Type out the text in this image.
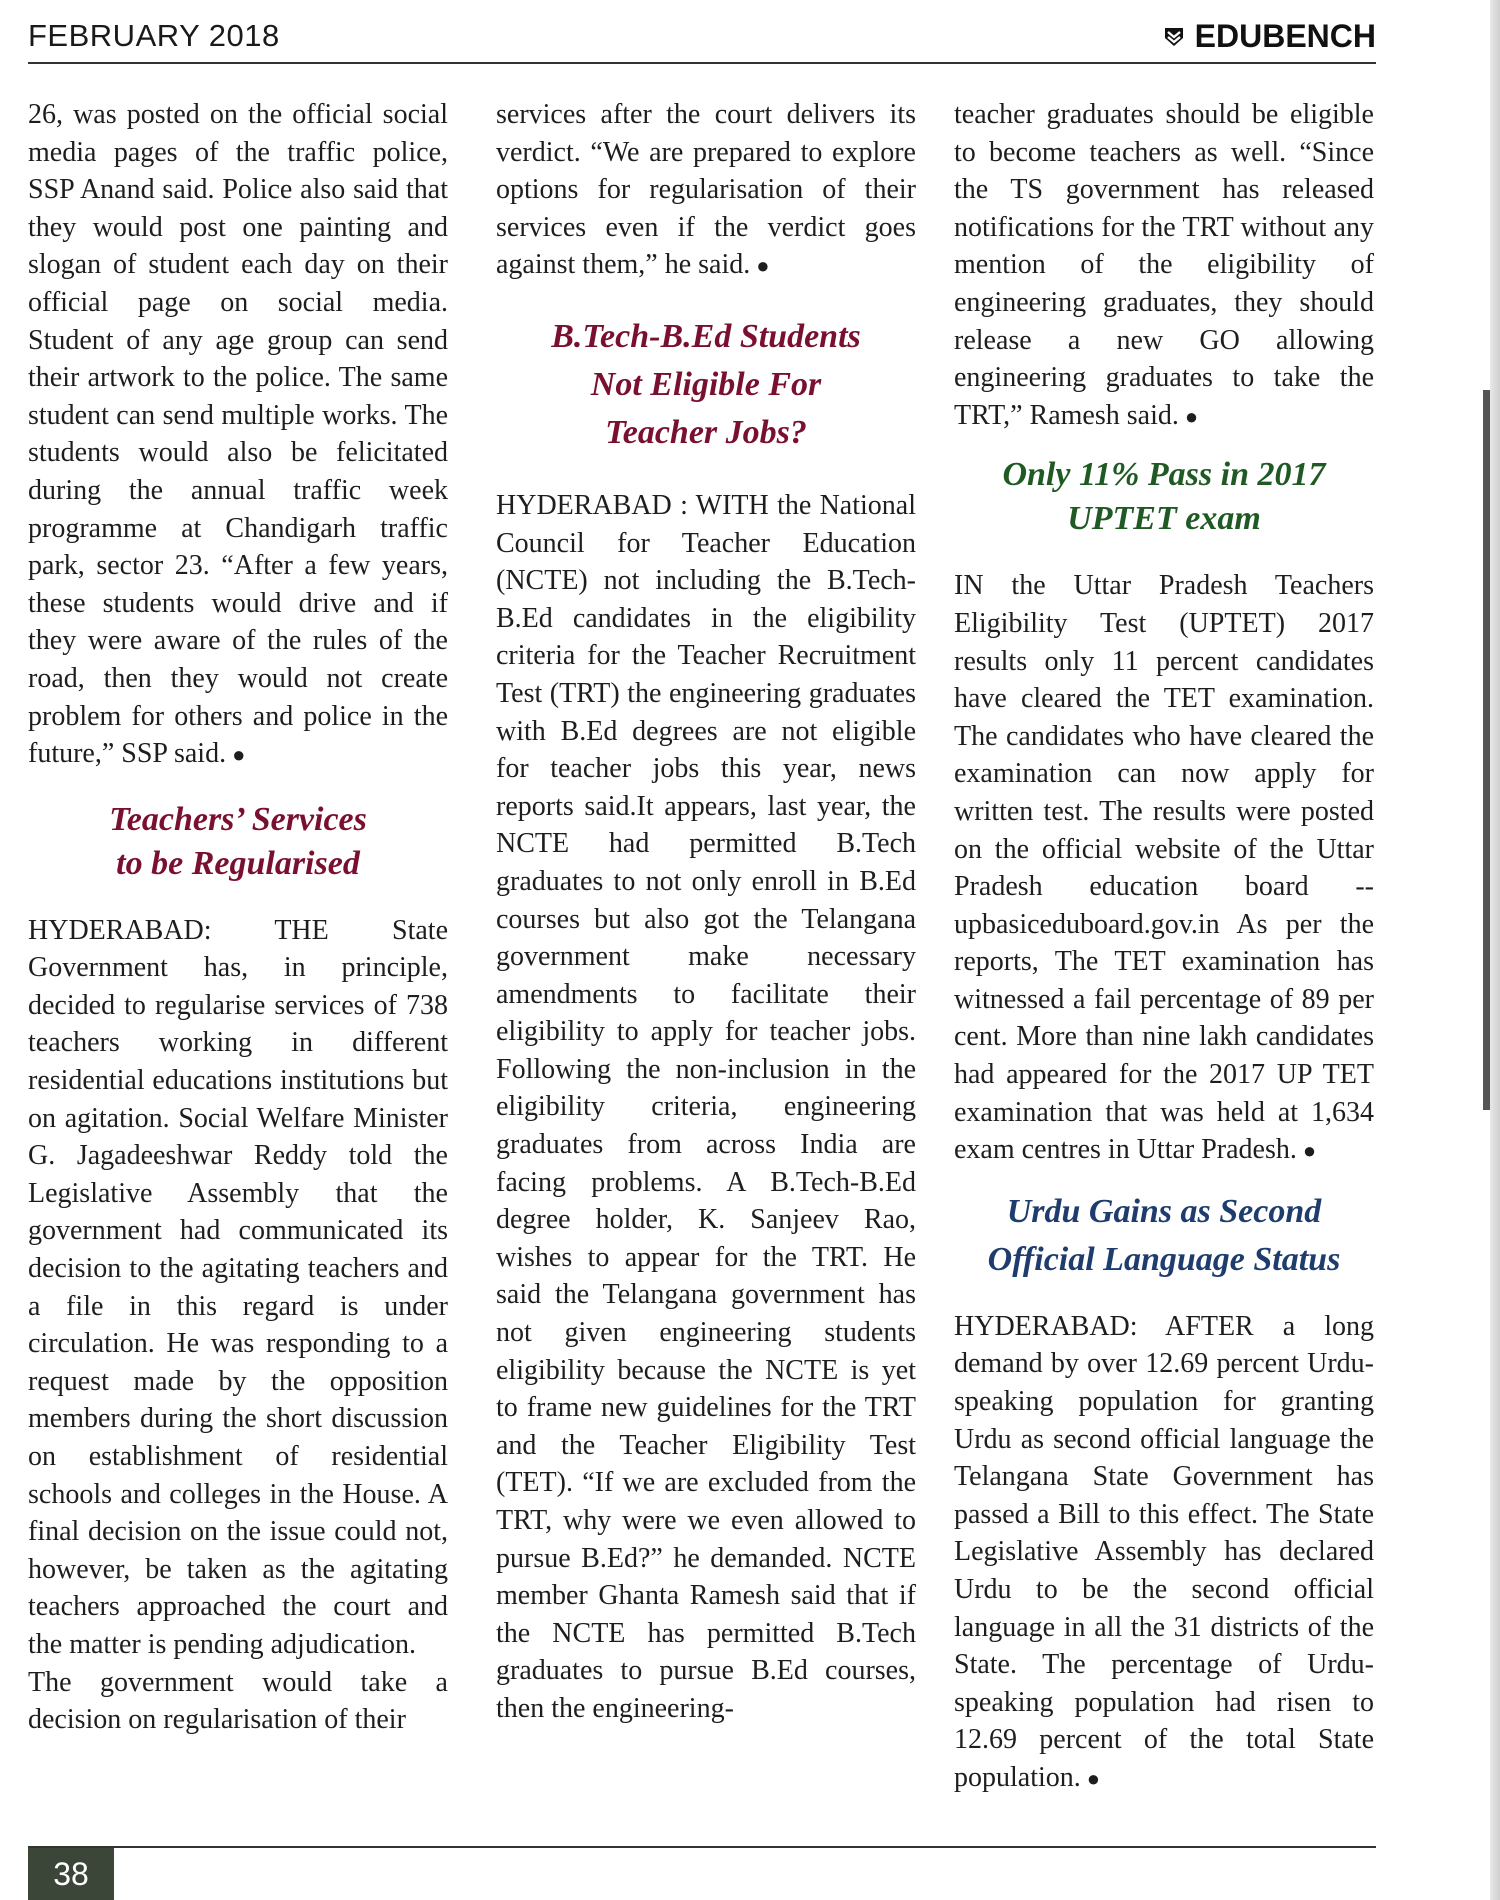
FEBRUARY 2018	EDUBENCH

26, was posted on the official social media pages of the traffic police, SSP Anand said. Police also said that they would post one painting and slogan of student each day on their official page on social media. Student of any age group can send their artwork to the police. The same student can send multiple works. The students would also be felicitated during the annual traffic week programme at Chandigarh traffic park, sector 23. “After a few years, these students would drive and if they were aware of the rules of the road, then they would not create problem for others and police in the future,” SSP said. ●

Teachers’ Services
to be Regularised

HYDERABAD: THE State Government has, in principle, decided to regularise services of 738 teachers working in different residential educations institutions but on agitation. Social Welfare Minister G. Jagadeeshwar Reddy told the Legislative Assembly that the government had communicated its decision to the agitating teachers and a file in this regard is under circulation. He was responding to a request made by the opposition members during the short discussion on establishment of residential schools and colleges in the House. A final decision on the issue could not, however, be taken as the agitating teachers approached the court and the matter is pending adjudication.

The government would take a decision on regularisation of their

services after the court delivers its verdict. “We are prepared to explore options for regularisation of their services even if the verdict goes against them,” he said. ●

B.Tech-B.Ed Students
Not Eligible For
Teacher Jobs?

HYDERABAD : WITH the National Council for Teacher Education (NCTE) not including the B.Tech-B.Ed candidates in the eligibility criteria for the Teacher Recruitment Test (TRT) the engineering graduates with B.Ed degrees are not eligible for teacher jobs this year, news reports said.It appears, last year, the NCTE had permitted B.Tech graduates to not only enroll in B.Ed courses but also got the Telangana government make necessary amendments to facilitate their eligibility to apply for teacher jobs. Following the non-inclusion in the eligibility criteria, engineering graduates from across India are facing problems. A B.Tech-B.Ed degree holder, K. Sanjeev Rao, wishes to appear for the TRT. He said the Telangana government has not given engineering students eligibility because the NCTE is yet to frame new guidelines for the TRT and the Teacher Eligibility Test (TET). “If we are excluded from the TRT, why were we even allowed to pursue B.Ed?” he demanded. NCTE member Ghanta Ramesh said that if the NCTE has permitted B.Tech graduates to pursue B.Ed courses, then the engineering-

teacher graduates should be eligible to become teachers as well. “Since the TS government has released notifications for the TRT without any mention of the eligibility of engineering graduates, they should release a new GO allowing engineering graduates to take the TRT,” Ramesh said. ●

Only 11% Pass in 2017
UPTET exam

IN the Uttar Pradesh Teachers Eligibility Test (UPTET) 2017 results only 11 percent candidates have cleared the TET examination. The candidates who have cleared the examination can now apply for written test. The results were posted on the official website of the Uttar Pradesh education board -- upbasiceduboard.gov.in As per the reports, The TET examination has witnessed a fail percentage of 89 per cent. More than nine lakh candidates had appeared for the 2017 UP TET examination that was held at 1,634 exam centres in Uttar Pradesh. ●

Urdu Gains as Second
Official Language Status

HYDERABAD: AFTER a long demand by over 12.69 percent Urdu-speaking population for granting Urdu as second official language the Telangana State Government has passed a Bill to this effect. The State Legislative Assembly has declared Urdu to be the second official language in all the 31 districts of the State. The percentage of Urdu-speaking population had risen to 12.69 percent of the total State population. ●

38
